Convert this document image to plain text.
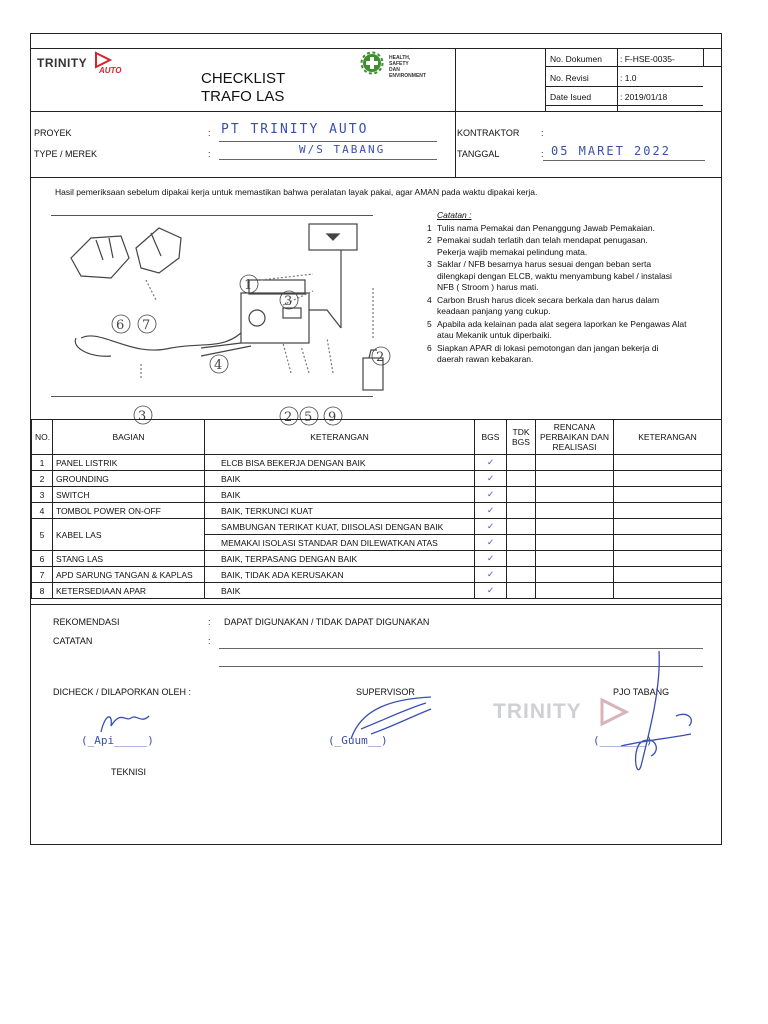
TRINITY
AUTO	CHECKLIST
TRAFO LAS
HEALTH, SAFETY
DAN ENVIRONMENT
No. Dokumen : F-HSE-0035-
No. Revisi	: 1.0
Date Isued	: 2019/01/18
PROYEK	: PT TRINITY AUTO
TYPE / MEREK	:	W/S TABANG
KONTRAKTOR :
TANGGAL	: 05 MARET 2022
Hasil pemeriksaan sebelum dipakai kerja untuk memastikan bahwa peralatan layak pakai, agar AMAN pada waktu dipakai kerja.
1
3
6 7
4
2
3	2 5 9
Catatan :
1 Tulis nama Pemakai dan Penanggung Jawab Pemakaian.
2 Pemakai sudah terlatih dan telah mendapat penugasan.
Pekerja wajib memakai pelindung mata.
3 Saklar / NFB besarnya harus sesuai dengan beban serta
dilengkapi dengan ELCB, waktu menyambung kabel / instalasi
NFB ( Stroom ) harus mati.
4 Carbon Brush harus dicek secara berkala dan harus dalam
keadaan panjang yang cukup.
5 Apabila ada kelainan pada alat segera laporkan ke Pengawas Alat
atau Mekanik untuk diperbaiki.
6 Siapkan APAR di lokasi pemotongan dan jangan bekerja di
daerah rawan kebakaran.
NO.	BAGIAN	KETERANGAN	BGS	TDK BGS	RENCANA PERBAIKAN DAN REALISASI	KETERANGAN
1	PANEL LISTRIK	ELCB BISA BEKERJA DENGAN BAIK	✓			
2	GROUNDING	BAIK	✓			
3	SWITCH	BAIK	✓			
4	TOMBOL POWER ON-OFF	BAIK, TERKUNCI KUAT	✓			
5	KABEL LAS	SAMBUNGAN TERIKAT KUAT, DIISOLASI DENGAN BAIK	✓			
		MEMAKAI ISOLASI STANDAR DAN DILEWATKAN ATAS	✓			
6	STANG LAS	BAIK, TERPASANG DENGAN BAIK	✓			
7	APD SARUNG TANGAN & KAPLAS	BAIK, TIDAK ADA KERUSAKAN	✓			
8	KETERSEDIAAN APAR	BAIK	✓			
REKOMENDASI	: DAPAT DIGUNAKAN / TIDAK DAPAT DIGUNAKAN
CATATAN	:
DICHECK / DILAPORKAN OLEH :	SUPERVISOR	PJO TABANG
TRINITY
(_Api_____)
TEKNISI
(_Guum__)	(_______)
